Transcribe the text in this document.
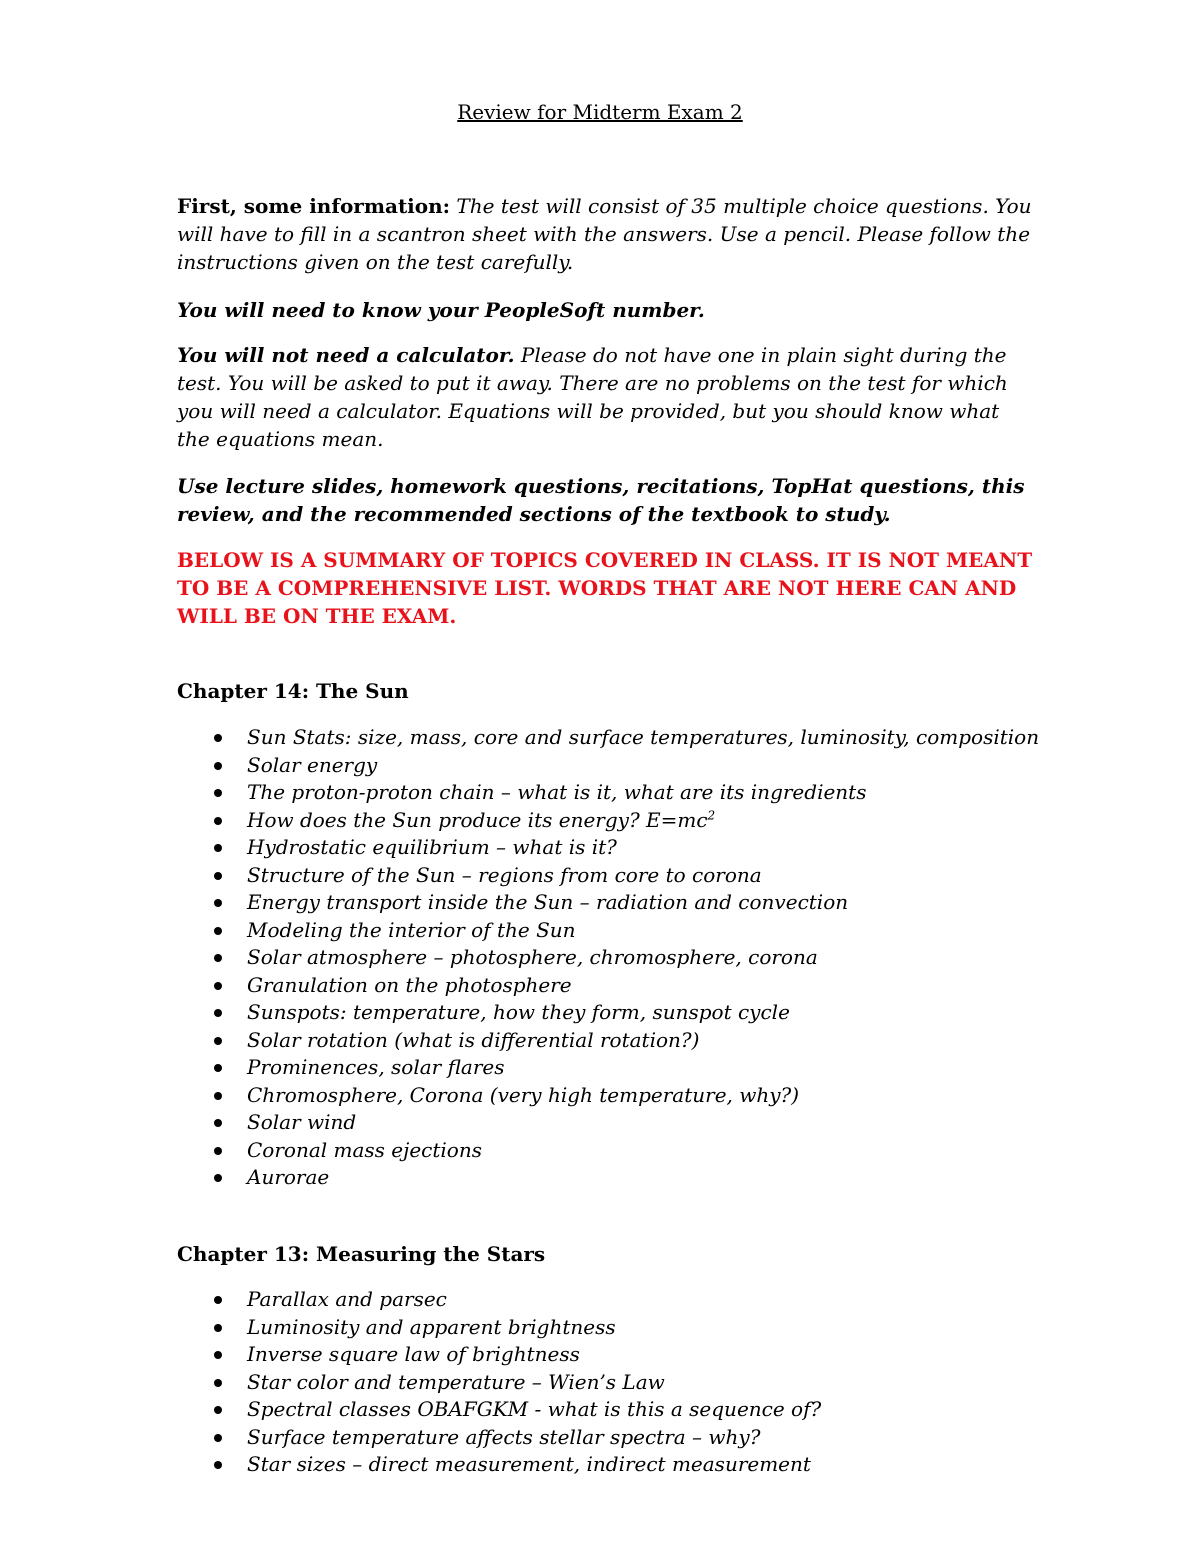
Review for Midterm Exam 2
First, some information: The test will consist of 35 multiple choice questions. You will have to fill in a scantron sheet with the answers. Use a pencil. Please follow the instructions given on the test carefully.
You will need to know your PeopleSoft number.
You will not need a calculator. Please do not have one in plain sight during the test. You will be asked to put it away. There are no problems on the test for which you will need a calculator. Equations will be provided, but you should know what the equations mean.
Use lecture slides, homework questions, recitations, TopHat questions, this review, and the recommended sections of the textbook to study.
BELOW IS A SUMMARY OF TOPICS COVERED IN CLASS. IT IS NOT MEANT TO BE A COMPREHENSIVE LIST. WORDS THAT ARE NOT HERE CAN AND WILL BE ON THE EXAM.
Chapter 14: The Sun
Sun Stats: size, mass, core and surface temperatures, luminosity, composition
Solar energy
The proton-proton chain – what is it, what are its ingredients
How does the Sun produce its energy? $E=mc^2$
Hydrostatic equilibrium – what is it?
Structure of the Sun – regions from core to corona
Energy transport inside the Sun – radiation and convection
Modeling the interior of the Sun
Solar atmosphere – photosphere, chromosphere, corona
Granulation on the photosphere
Sunspots: temperature, how they form, sunspot cycle
Solar rotation (what is differential rotation?)
Prominences, solar flares
Chromosphere, Corona (very high temperature, why?)
Solar wind
Coronal mass ejections
Aurorae
Chapter 13: Measuring the Stars
Parallax and parsec
Luminosity and apparent brightness
Inverse square law of brightness
Star color and temperature – Wien’s Law
Spectral classes OBAFGKM - what is this a sequence of?
Surface temperature affects stellar spectra – why?
Star sizes – direct measurement, indirect measurement
